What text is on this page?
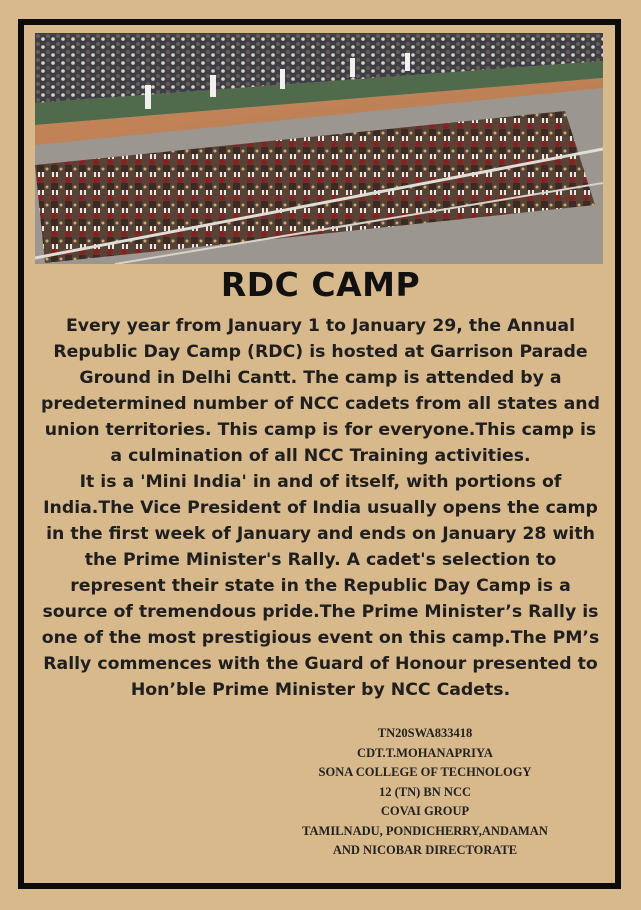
RDC CAMP

Every year from January 1 to January 29, the Annual Republic Day Camp (RDC) is hosted at Garrison Parade Ground in Delhi Cantt. The camp is attended by a predetermined number of NCC cadets from all states and union territories. This camp is for everyone.This camp is a culmination of all NCC Training activities.

It is a 'Mini India' in and of itself, with portions of India.The Vice President of India usually opens the camp in the first week of January and ends on January 28 with the Prime Minister's Rally. A cadet's selection to represent their state in the Republic Day Camp is a source of tremendous pride.The Prime Minister’s Rally is one of the most prestigious event on this camp.The PM’s Rally commences with the Guard of Honour presented to Hon’ble Prime Minister by NCC Cadets.

TN20SWA833418
CDT.T.MOHANAPRIYA
SONA COLLEGE OF TECHNOLOGY
12 (TN) BN NCC
COVAI GROUP
TAMILNADU, PONDICHERRY,ANDAMAN
AND NICOBAR DIRECTORATE
